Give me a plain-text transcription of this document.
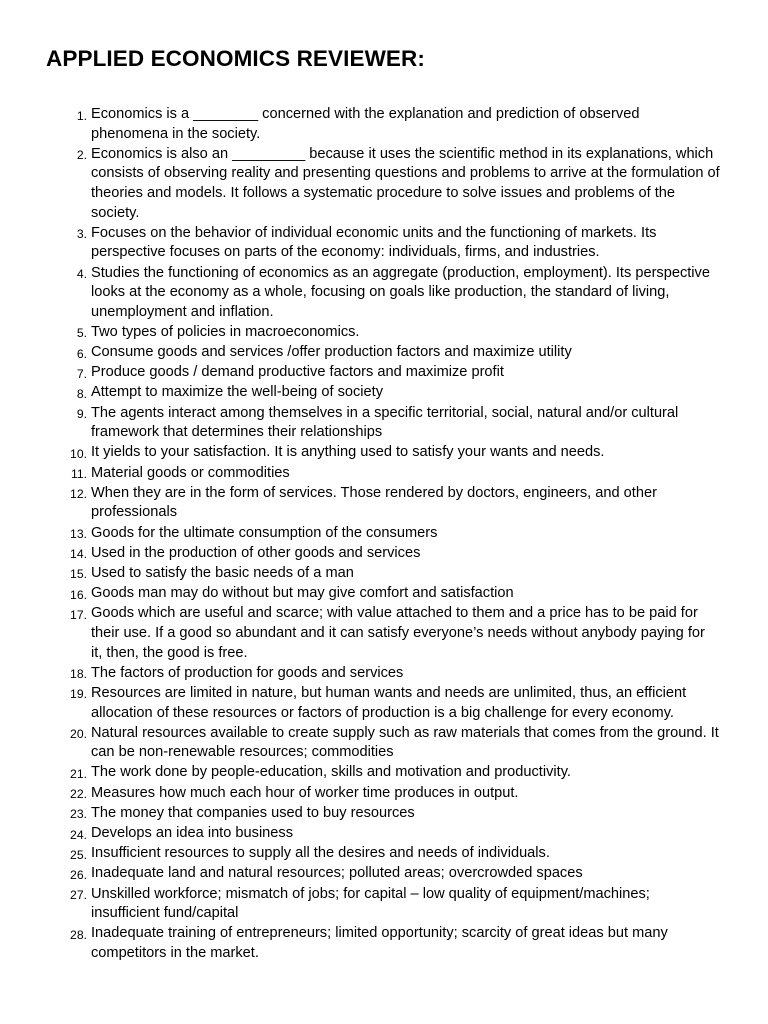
APPLIED ECONOMICS REVIEWER:
1. Economics is a ________ concerned with the explanation and prediction of observed phenomena in the society.
2. Economics is also an _________ because it uses the scientific method in its explanations, which consists of observing reality and presenting questions and problems to arrive at the formulation of theories and models. It follows a systematic procedure to solve issues and problems of the society.
3. Focuses on the behavior of individual economic units and the functioning of markets. Its perspective focuses on parts of the economy: individuals, firms, and industries.
4. Studies the functioning of economics as an aggregate (production, employment). Its perspective looks at the economy as a whole, focusing on goals like production, the standard of living, unemployment and inflation.
5. Two types of policies in macroeconomics.
6. Consume goods and services /offer production factors and maximize utility
7. Produce goods / demand productive factors and maximize profit
8. Attempt to maximize the well-being of society
9. The agents interact among themselves in a specific territorial, social, natural and/or cultural framework that determines their relationships
10. It yields to your satisfaction. It is anything used to satisfy your wants and needs.
11. Material goods or commodities
12. When they are in the form of services. Those rendered by doctors, engineers, and other professionals
13. Goods for the ultimate consumption of the consumers
14. Used in the production of other goods and services
15. Used to satisfy the basic needs of a man
16. Goods man may do without but may give comfort and satisfaction
17. Goods which are useful and scarce; with value attached to them and a price has to be paid for their use. If a good so abundant and it can satisfy everyone’s needs without anybody paying for it, then, the good is free.
18. The factors of production for goods and services
19. Resources are limited in nature, but human wants and needs are unlimited, thus, an efficient allocation of these resources or factors of production is a big challenge for every economy.
20. Natural resources available to create supply such as raw materials that comes from the ground. It can be non-renewable resources; commodities
21. The work done by people-education, skills and motivation and productivity.
22. Measures how much each hour of worker time produces in output.
23. The money that companies used to buy resources
24. Develops an idea into business
25. Insufficient resources to supply all the desires and needs of individuals.
26. Inadequate land and natural resources; polluted areas; overcrowded spaces
27. Unskilled workforce; mismatch of jobs; for capital – low quality of equipment/machines; insufficient fund/capital
28. Inadequate training of entrepreneurs; limited opportunity; scarcity of great ideas but many competitors in the market.
